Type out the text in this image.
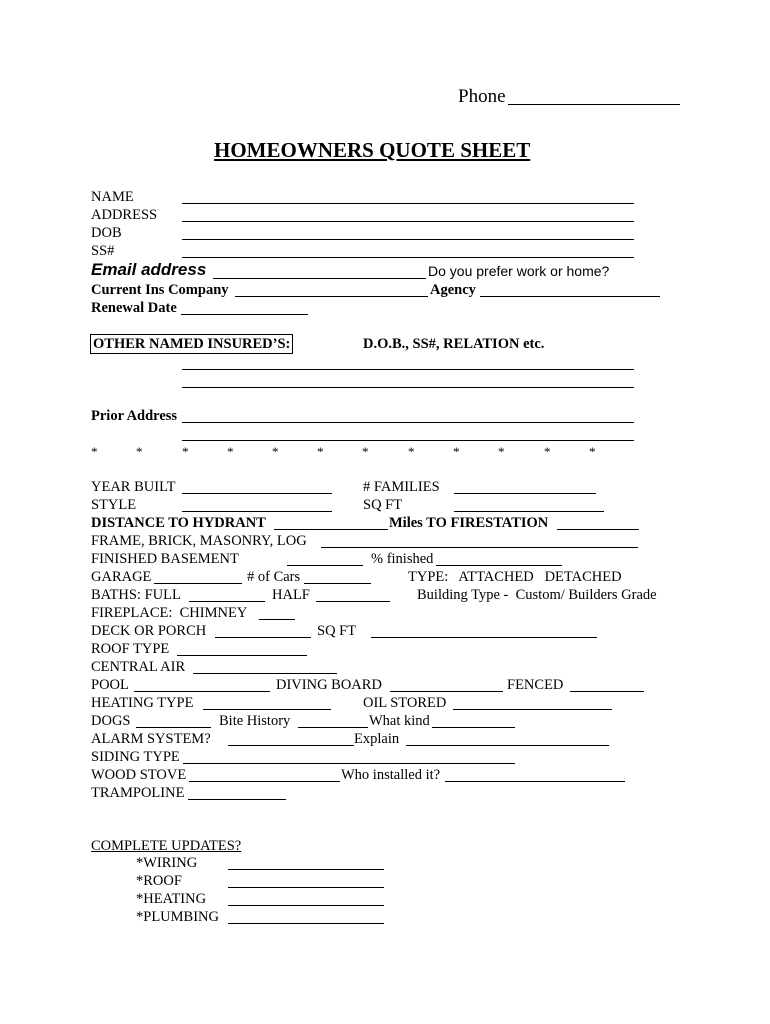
Phone
HOMEOWNERS QUOTE SHEET
NAME
ADDRESS
DOB
SS#
Email address	Do you prefer work or home?
Current Ins Company	Agency
Renewal Date
OTHER NAMED INSURED’S:	D.O.B., SS#, RELATION etc.
Prior Address
*	*	*	*	*	*	*	*	*	*	*	*
YEAR BUILT	# FAMILIES
STYLE	SQ FT
DISTANCE TO HYDRANT	Miles TO FIRESTATION
FRAME, BRICK, MASONRY, LOG
FINISHED BASEMENT	% finished
GARAGE	# of Cars	TYPE:   ATTACHED   DETACHED
BATHS: FULL	HALF	Building Type -  Custom/ Builders Grade
FIREPLACE:  CHIMNEY
DECK OR PORCH	SQ FT
ROOF TYPE
CENTRAL AIR
POOL	DIVING BOARD	FENCED
HEATING TYPE	OIL STORED
DOGS	Bite History	What kind
ALARM SYSTEM?	Explain
SIDING TYPE
WOOD STOVE	Who installed it?
TRAMPOLINE
COMPLETE UPDATES?
*WIRING
*ROOF
*HEATING
*PLUMBING
